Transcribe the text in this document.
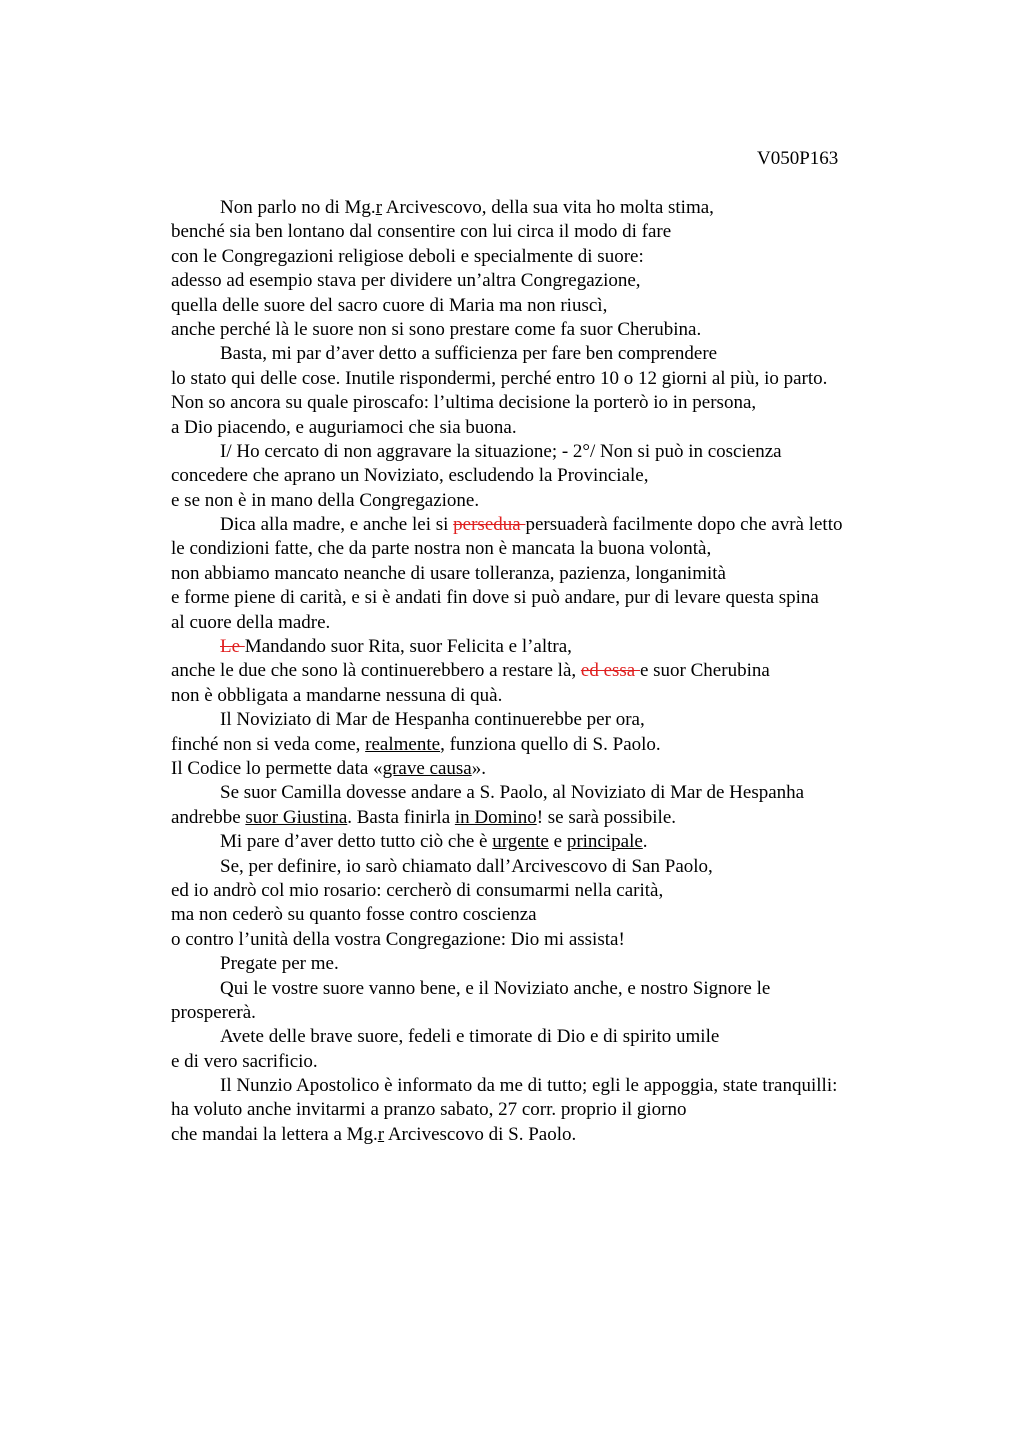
V050P163
Non parlo no di Mg.r Arcivescovo, della sua vita ho molta stima,
benché sia ben lontano dal consentire con lui circa il modo di fare
con le Congregazioni religiose deboli e specialmente di suore:
adesso ad esempio stava per dividere un’altra Congregazione,
quella delle suore del sacro cuore di Maria ma non riuscì,
anche perché là le suore non si sono prestare come fa suor Cherubina.
Basta, mi par d’aver detto a sufficienza per fare ben comprendere
lo stato qui delle cose. Inutile rispondermi, perché entro 10 o 12 giorni al più, io parto.
Non so ancora su quale piroscafo: l’ultima decisione la porterò io in persona,
a Dio piacendo, e auguriamoci che sia buona.
I/ Ho cercato di non aggravare la situazione; - 2°/ Non si può in coscienza
concedere che aprano un Noviziato, escludendo la Provinciale,
e se non è in mano della Congregazione.
Dica alla madre, e anche lei si persedua persuaderà facilmente dopo che avrà letto
le condizioni fatte, che da parte nostra non è mancata la buona volontà,
non abbiamo mancato neanche di usare tolleranza, pazienza, longanimità
e forme piene di carità, e si è andati fin dove si può andare, pur di levare questa spina
al cuore della madre.
Le Mandando suor Rita, suor Felicita e l’altra,
anche le due che sono là continuerebbero a restare là, ed essa e suor Cherubina
non è obbligata a mandarne nessuna di quà.
Il Noviziato di Mar de Hespanha continuerebbe per ora,
finché non si veda come, realmente, funziona quello di S. Paolo.
Il Codice lo permette data «grave causa».
Se suor Camilla dovesse andare a S. Paolo, al Noviziato di Mar de Hespanha
andrebbe suor Giustina. Basta finirla in Domino! se sarà possibile.
Mi pare d’aver detto tutto ciò che è urgente e principale.
Se, per definire, io sarò chiamato dall’Arcivescovo di San Paolo,
ed io andrò col mio rosario: cercherò di consumarmi nella carità,
ma non cederò su quanto fosse contro coscienza
o contro l’unità della vostra Congregazione: Dio mi assista!
Pregate per me.
Qui le vostre suore vanno bene, e il Noviziato anche, e nostro Signore le
prospererà.
Avete delle brave suore, fedeli e timorate di Dio e di spirito umile
e di vero sacrificio.
Il Nunzio Apostolico è informato da me di tutto; egli le appoggia, state tranquilli:
ha voluto anche invitarmi a pranzo sabato, 27 corr. proprio il giorno
che mandai la lettera a Mg.r Arcivescovo di S. Paolo.
